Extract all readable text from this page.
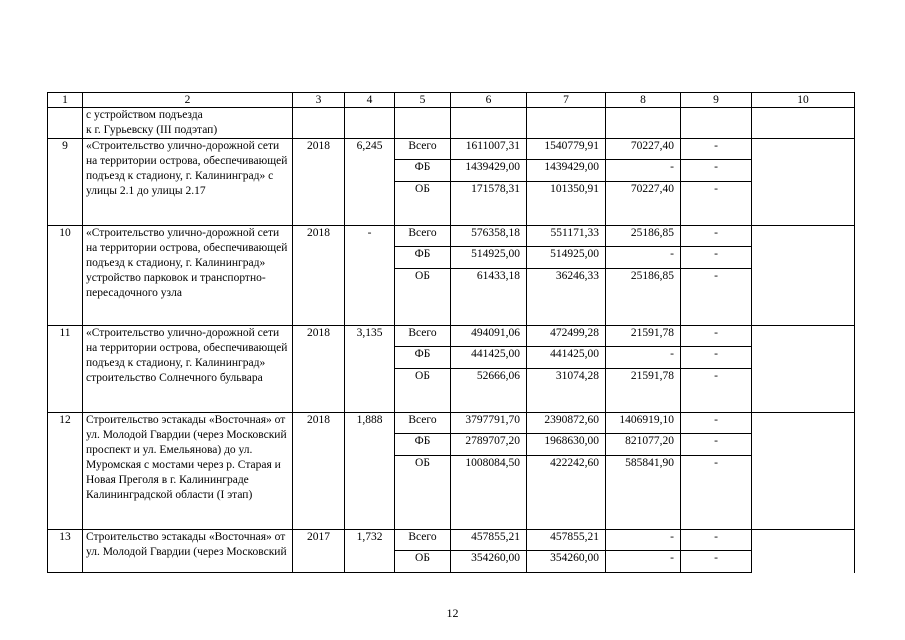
1	2	3	4	5	6	7	8	9	10
	с устройством подъезда
к г. Гурьевску (III подэтап)								
9	«Строительство улично-дорожной сети на территории острова, обеспечивающей подъезд к стадиону, г. Калининград» с улицы 2.1 до улицы 2.17	2018	6,245	Всего	1611007,31	1540779,91	70227,40	-	
				ФБ	1439429,00	1439429,00	-	-	
				ОБ	171578,31	101350,91	70227,40	-	
10	«Строительство улично-дорожной сети на территории острова, обеспечивающей подъезд к стадиону, г. Калининград» устройство парковок и транспортно-пересадочного узла	2018	-	Всего	576358,18	551171,33	25186,85	-	
				ФБ	514925,00	514925,00	-	-	
				ОБ	61433,18	36246,33	25186,85	-	
11	«Строительство улично-дорожной сети на территории острова, обеспечивающей подъезд к стадиону, г. Калининград» строительство Солнечного бульвара	2018	3,135	Всего	494091,06	472499,28	21591,78	-	
				ФБ	441425,00	441425,00	-	-	
				ОБ	52666,06	31074,28	21591,78	-	
12	Строительство эстакады «Восточная» от ул. Молодой Гвардии (через Московский проспект и ул. Емельянова) до ул. Муромская с мостами через р. Старая и Новая Преголя в г. Калининграде Калининградской области (I этап)	2018	1,888	Всего	3797791,70	2390872,60	1406919,10	-	
				ФБ	2789707,20	1968630,00	821077,20	-	
				ОБ	1008084,50	422242,60	585841,90	-	
13	Строительство эстакады «Восточная» от ул. Молодой Гвардии (через Московский	2017	1,732	Всего	457855,21	457855,21	-	-	
				ОБ	354260,00	354260,00	-	-	
12
